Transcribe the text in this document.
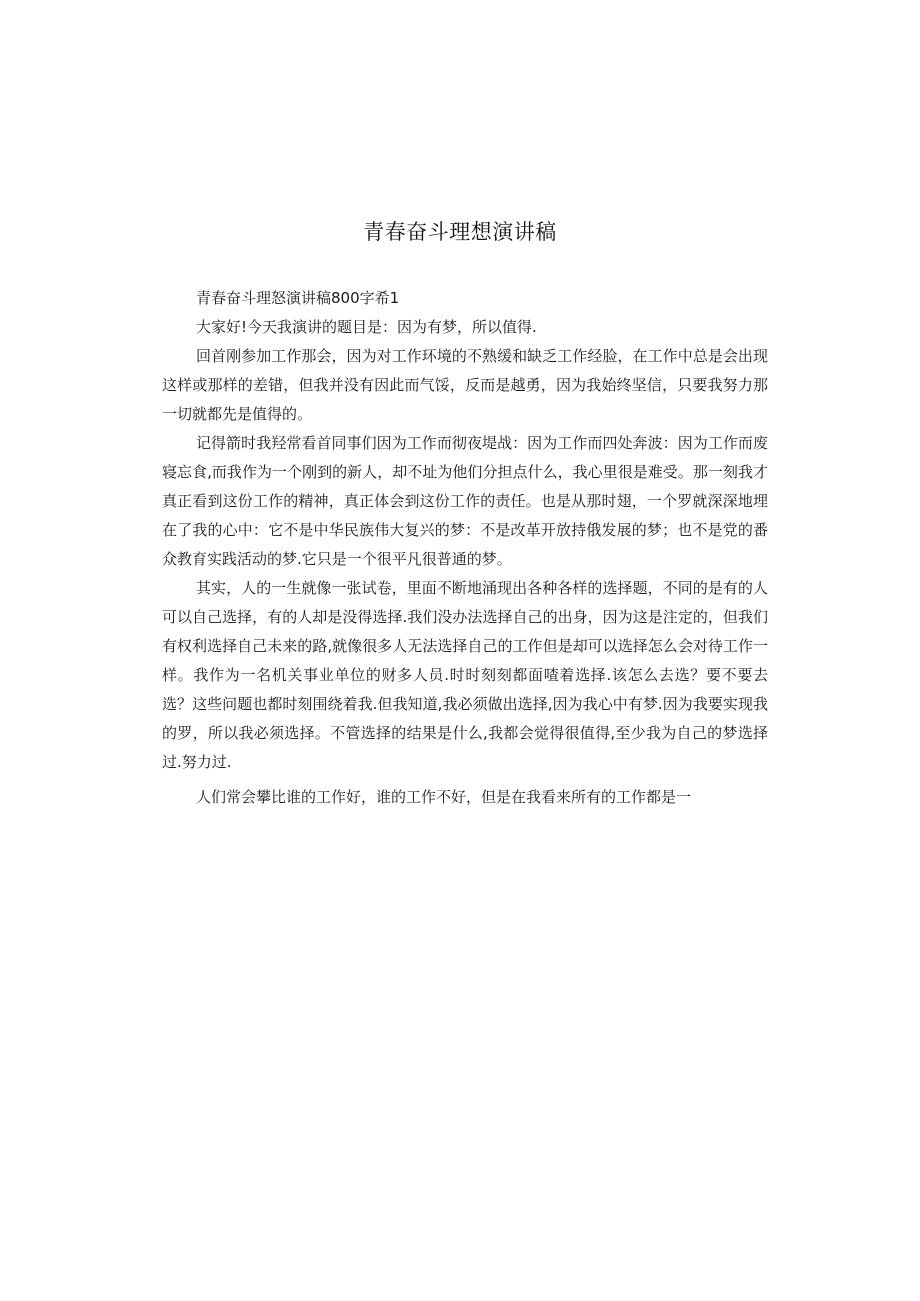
青春奋斗理想演讲稿

青春奋斗理怒演讲稿800字希1

大家好!今天我演讲的题目是：因为有梦，所以值得.

回首刚参加工作那会，因为对工作环境的不熟缓和缺乏工作经脸，在工作中总是会出现这样或那样的差错，但我并没有因此而气馁，反而是越勇，因为我始终坚信，只要我努力那一切就都先是值得的。

记得箭时我羟常看首同事们因为工作而彻夜堤战：因为工作而四处奔波：因为工作而废寝忘食,而我作为一个刚到的新人，却不址为他们分担点什么，我心里很是难受。那一刻我才真正看到这份工作的精神，真正体会到这份工作的责任。也是从那时翅，一个罗就深深地埋在了我的心中：它不是中华民族伟大复兴的梦：不是改革开放持俄发展的梦；也不是党的番众教育实践活动的梦.它只是一个很平凡很普通的梦。

其实，人的一生就像一张试卷，里面不断地涌现出各种各样的选择题，不同的是有的人可以自己选择，有的人却是没得选择.我们没办法选择自己的出身，因为这是注定的，但我们有权利选择自己未来的路,就像很多人无法选择自己的工作但是却可以选择怎么会对待工作一样。我作为一名机关事业单位的财多人员.时时刻刻都面喳着选择.该怎么去选？要不要去选？这些问题也都时刻围绕着我.但我知道,我必须做出选择,因为我心中有梦.因为我要实现我的罗，所以我必须选择。不管选择的结果是什么,我都会觉得很值得,至少我为自己的梦选择过.努力过.

人们常会攀比谁的工作好，谁的工作不好，但是在我看来所有的工作都是一
